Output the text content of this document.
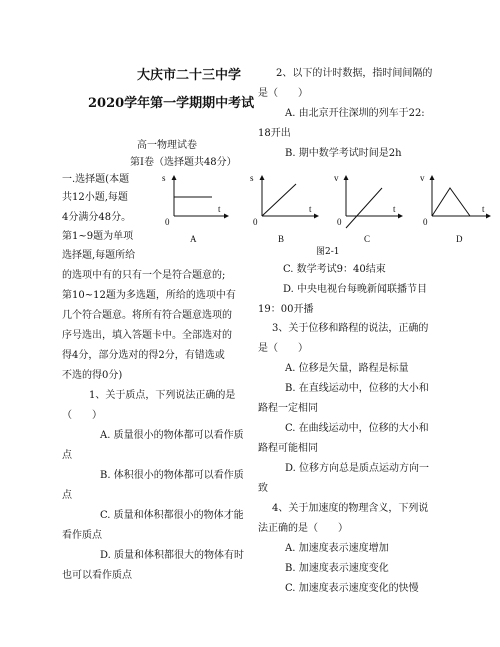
大庆市二十三中学
2020学年第一学期期中考试
高一物理试卷
第Ⅰ卷（选择题共48分）
一.选择题(本题
共12小题,每题
4分满分48分。
第1~9题为单项
选择题,每题所给
的选项中有的只有一个是符合题意的;
第10~12题为多选题，所给的选项中有
几个符合题意。将所有符合题意选项的
序号选出，填入答题卡中。全部选对的
得4分，部分选对的得2分，有错选或
不选的得0分)
1、关于质点，下列说法正确的是
（　　）
A. 质量很小的物体都可以看作质
点
B. 体积很小的物体都可以看作质
点
C. 质量和体积都很小的物体才能
看作质点
D. 质量和体积都很大的物体有时
也可以看作质点
2、以下的计时数据，指时间间隔的
是（　　）
A. 由北京开往深圳的列车于22:
18开出
B. 期中数学考试时间是2h
s
t
0
A
s
t
0
B
v
t
0
C
v
t
0
D
图2-1
C. 数学考试9：40结束
D. 中央电视台每晚新闻联播节目
19：00开播
3、关于位移和路程的说法，正确的
是（　　）
A. 位移是矢量，路程是标量
B. 在直线运动中，位移的大小和
路程一定相同
C. 在曲线运动中，位移的大小和
路程可能相同
D. 位移方向总是质点运动方向一
致
4、关于加速度的物理含义，下列说
法正确的是（　　）
A. 加速度表示速度增加
B. 加速度表示速度变化
C. 加速度表示速度变化的快慢
